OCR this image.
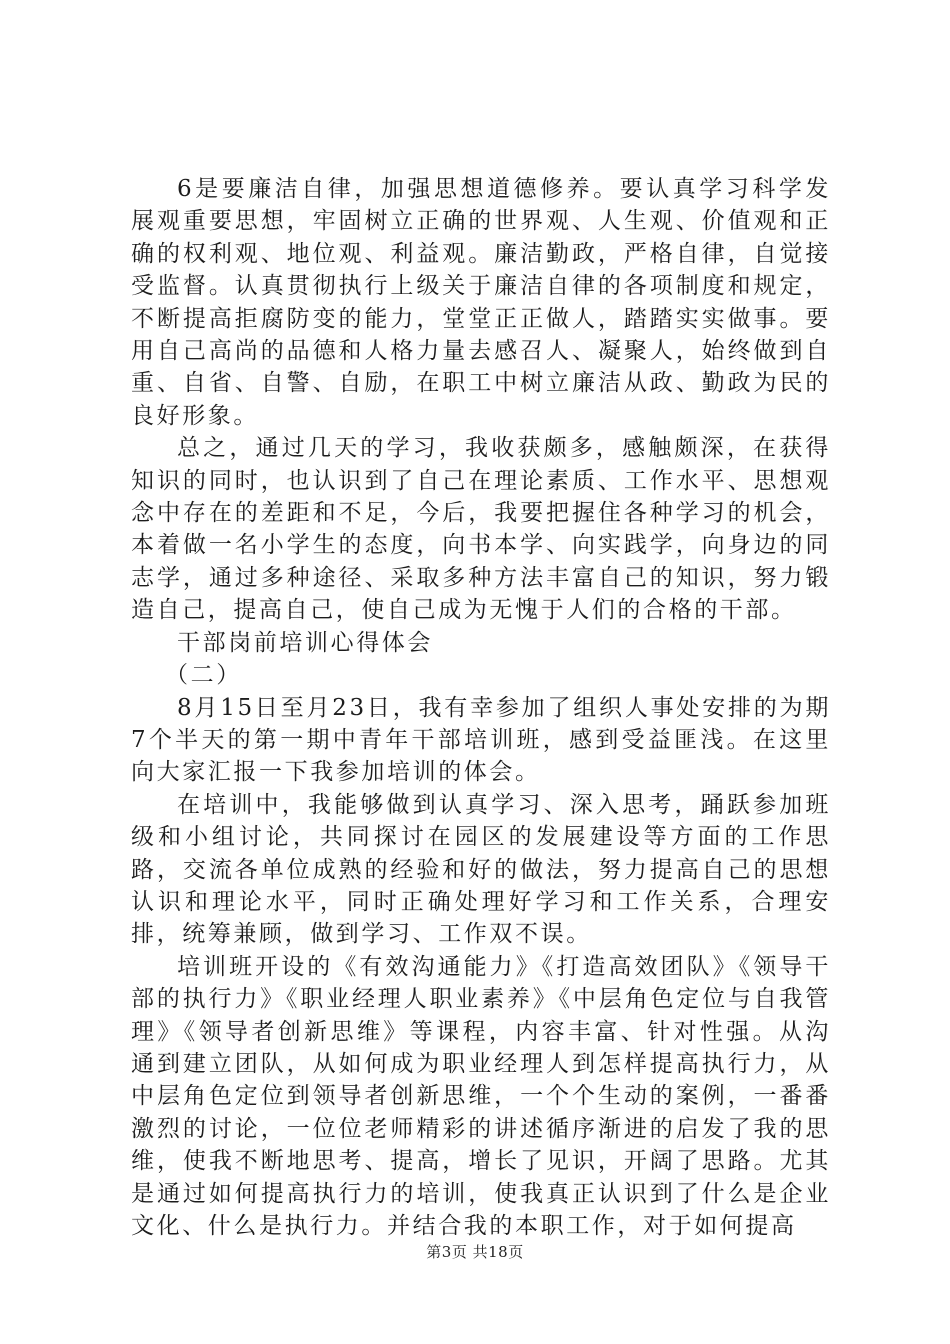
6是要廉洁自律，加强思想道德修养。要认真学习科学发展观重要思想，牢固树立正确的世界观、人生观、价值观和正确的权利观、地位观、利益观。廉洁勤政，严格自律，自觉接受监督。认真贯彻执行上级关于廉洁自律的各项制度和规定，不断提高拒腐防变的能力，堂堂正正做人，踏踏实实做事。要用自己高尚的品德和人格力量去感召人、凝聚人，始终做到自重、自省、自警、自励，在职工中树立廉洁从政、勤政为民的良好形象。

总之，通过几天的学习，我收获颇多，感触颇深，在获得知识的同时，也认识到了自己在理论素质、工作水平、思想观念中存在的差距和不足，今后，我要把握住各种学习的机会，本着做一名小学生的态度，向书本学、向实践学，向身边的同志学，通过多种途径、采取多种方法丰富自己的知识，努力锻造自己，提高自己，使自己成为无愧于人们的合格的干部。

干部岗前培训心得体会

（二）

8月15日至月23日，我有幸参加了组织人事处安排的为期7个半天的第一期中青年干部培训班，感到受益匪浅。在这里向大家汇报一下我参加培训的体会。

在培训中，我能够做到认真学习、深入思考，踊跃参加班级和小组讨论，共同探讨在园区的发展建设等方面的工作思路，交流各单位成熟的经验和好的做法，努力提高自己的思想认识和理论水平，同时正确处理好学习和工作关系，合理安排，统筹兼顾，做到学习、工作双不误。

培训班开设的《有效沟通能力》《打造高效团队》《领导干部的执行力》《职业经理人职业素养》《中层角色定位与自我管理》《领导者创新思维》等课程，内容丰富、针对性强。从沟通到建立团队，从如何成为职业经理人到怎样提高执行力，从中层角色定位到领导者创新思维，一个个生动的案例，一番番激烈的讨论，一位位老师精彩的讲述循序渐进的启发了我的思维，使我不断地思考、提高，增长了见识，开阔了思路。尤其是通过如何提高执行力的培训，使我真正认识到了什么是企业文化、什么是执行力。并结合我的本职工作，对于如何提高

第3页 共18页
